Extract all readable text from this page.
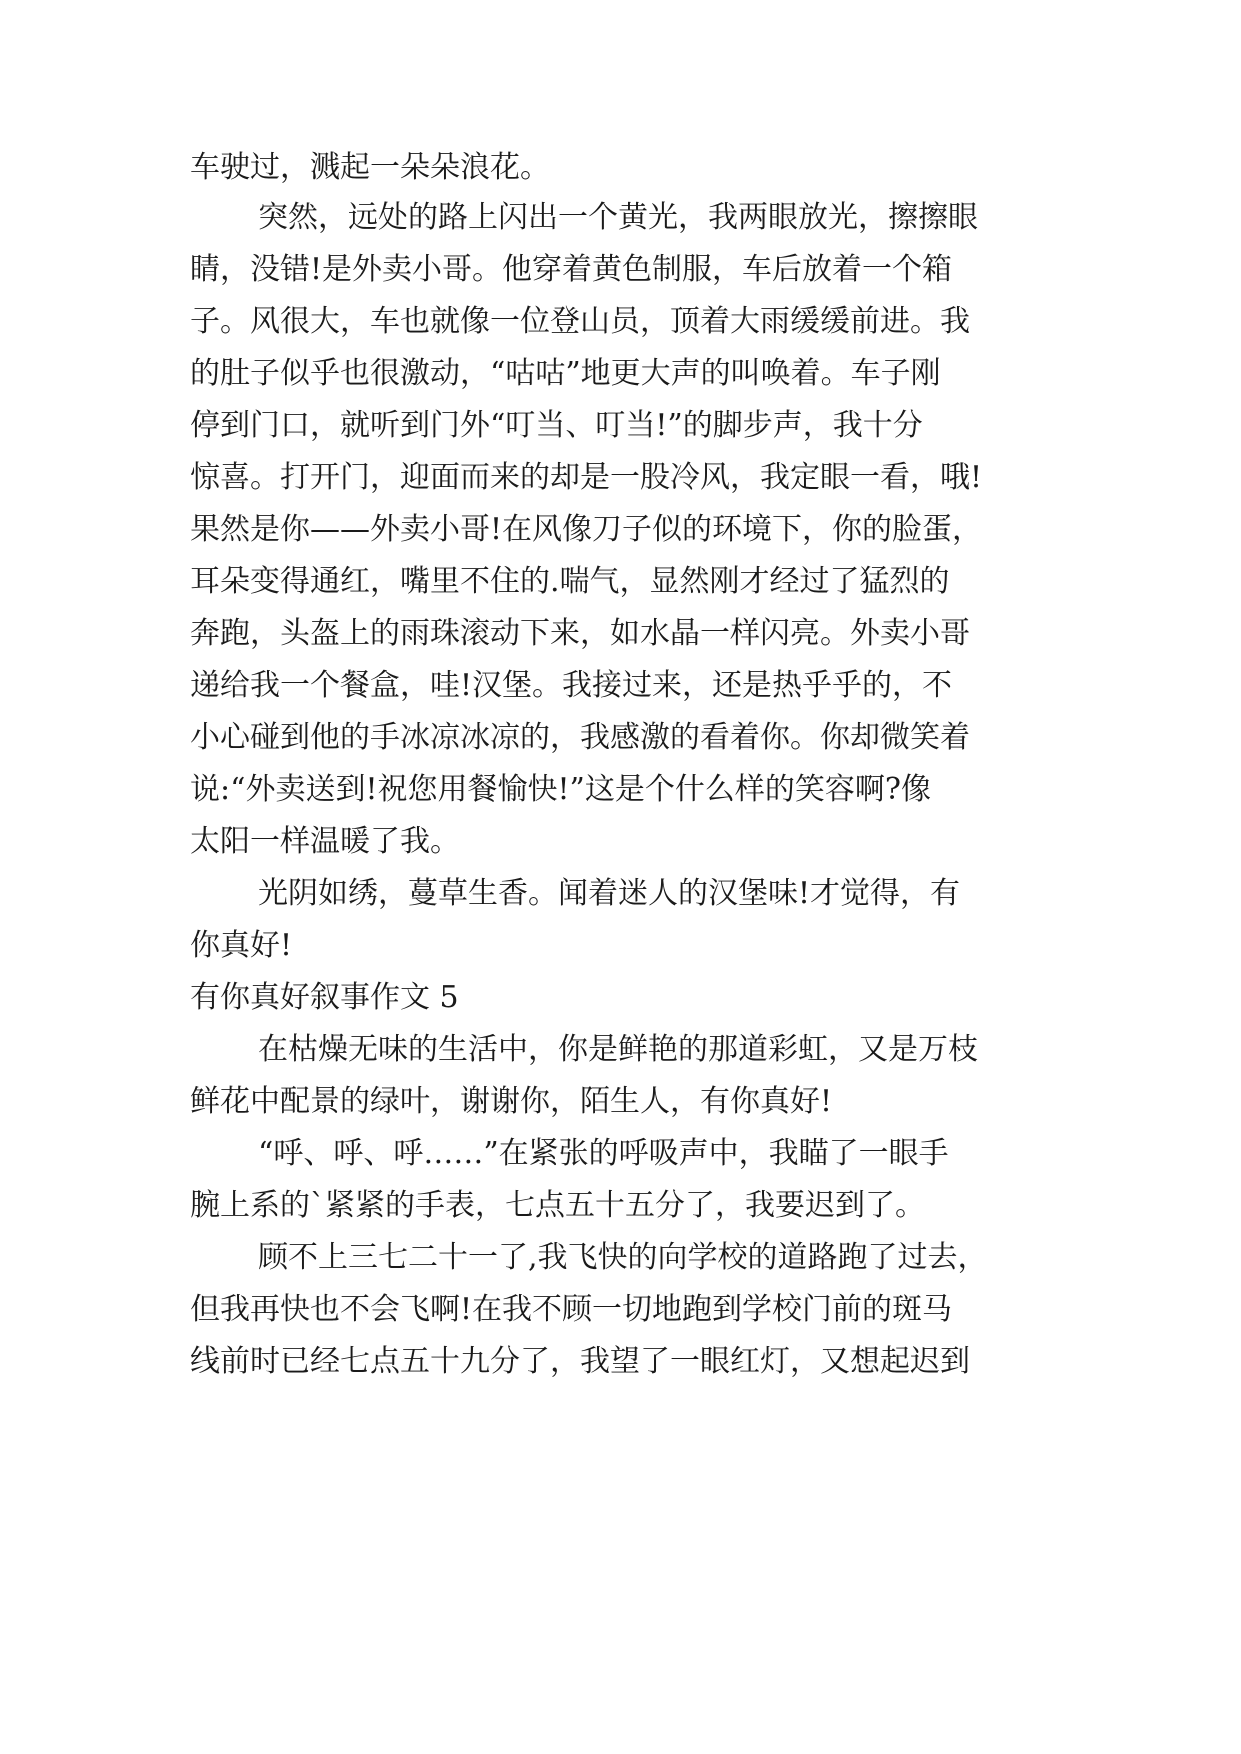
车驶过，溅起一朵朵浪花。
突然，远处的路上闪出一个黄光，我两眼放光，擦擦眼
睛，没错!是外卖小哥。他穿着黄色制服，车后放着一个箱
子。风很大，车也就像一位登山员，顶着大雨缓缓前进。我
的肚子似乎也很激动，“咕咕”地更大声的叫唤着。车子刚
停到门口，就听到门外“叮当、叮当!”的脚步声，我十分
惊喜。打开门，迎面而来的却是一股冷风，我定眼一看，哦!
果然是你——外卖小哥!在风像刀子似的环境下，你的脸蛋，
耳朵变得通红，嘴里不住的.喘气，显然刚才经过了猛烈的
奔跑，头盔上的雨珠滚动下来，如水晶一样闪亮。外卖小哥
递给我一个餐盒，哇!汉堡。我接过来，还是热乎乎的，不
小心碰到他的手冰凉冰凉的，我感激的看着你。你却微笑着
说:“外卖送到!祝您用餐愉快!”这是个什么样的笑容啊?像
太阳一样温暖了我。
光阴如绣，蔓草生香。闻着迷人的汉堡味!才觉得，有
你真好!
有你真好叙事作文 5
在枯燥无味的生活中，你是鲜艳的那道彩虹，又是万枝
鲜花中配景的绿叶，谢谢你，陌生人，有你真好!
“呼、呼、呼……”在紧张的呼吸声中，我瞄了一眼手
腕上系的`紧紧的手表，七点五十五分了，我要迟到了。
顾不上三七二十一了,我飞快的向学校的道路跑了过去，
但我再快也不会飞啊!在我不顾一切地跑到学校门前的斑马
线前时已经七点五十九分了，我望了一眼红灯，又想起迟到
